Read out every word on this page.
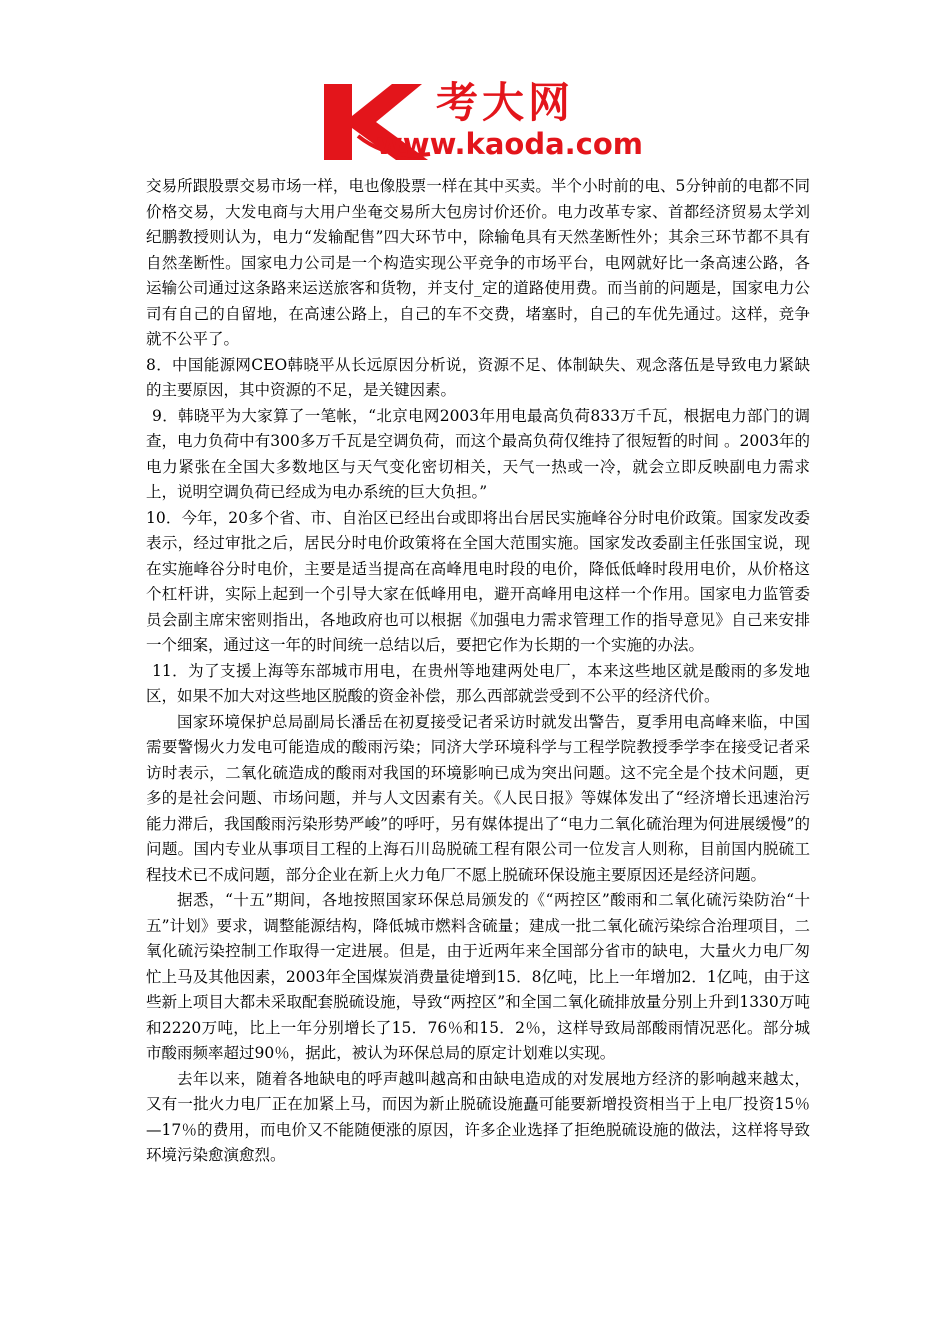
考大网
www.kaoda.com

交易所跟股票交易市场一样，电也像股票一样在其中买卖。半个小时前的电、5分钟前的电都不同价格交易，大发电商与大用户坐奄交易所大包房讨价还价。电力改革专家、首都经济贸易太学刘纪鹏教授则认为，电力“发输配售”四大环节中，除输龟具有天然垄断性外；其余三环节都不具有自然垄断性。国家电力公司是一个构造实现公平竞争的市场平台，电网就好比一条高速公路，各运输公司通过这条路来运送旅客和货物，并支付_定的道路使用费。而当前的问题是，国家电力公司有自己的自留地，在高速公路上，自己的车不交费，堵塞时，自己的车优先通过。这样，竞争就不公平了。

8．中国能源网CEO韩晓平从长远原因分析说，资源不足、体制缺失、观念落伍是导致电力紧缺的主要原因，其中资源的不足，是关键因素。

9．韩晓平为大家算了一笔帐，“北京电网2003年用电最高负荷833万千瓦，根据电力部门的调查，电力负荷中有300多万千瓦是空调负荷，而这个最高负荷仅维持了很短暂的时间 。2003年的电力紧张在全国大多数地区与天气变化密切相关，天气一热或一冷，就会立即反映副电力需求上，说明空调负荷已经成为电办系统的巨大负担。”

10．今年，20多个省、市、自治区已经出台或即将出台居民实施峰谷分时电价政策。国家发改委表示，经过审批之后，居民分时电价政策将在全国大范围实施。国家发改委副主任张国宝说，现在实施峰谷分时电价，主要是适当提高在高峰甩电时段的电价，降低低峰时段用电价，从价格这个杠杆讲，实际上起到一个引导大家在低峰用电，避开高峰用电这样一个作用。国家电力监管委员会副主席宋密则指出，各地政府也可以根据《加强电力需求管理工作的指导意见》自己来安排一个细案，通过这一年的时间统一总结以后，要把它作为长期的一个实施的办法。

11．为了支援上海等东部城市用电，在贵州等地建两处电厂，本来这些地区就是酸雨的多发地区，如果不加大对这些地区脱酸的资金补偿，那么西部就尝受到不公平的经济代价。

国家环境保护总局副局长潘岳在初夏接受记者采访时就发出警告，夏季用电高峰来临，中国需要警惕火力发电可能造成的酸雨污染；同济大学环境科学与工程学院教授季学李在接受记者采访时表示，二氧化硫造成的酸雨对我国的环境影响已成为突出问题。这不完全是个技术问题，更多的是社会问题、市场问题，并与人文因素有关。《人民日报》等媒体发出了“经济增长迅速治污能力滞后，我国酸雨污染形势严峻”的呼吁，另有媒体提出了“电力二氧化硫治理为何进展缓慢”的问题。国内专业从事项目工程的上海石川岛脱硫工程有限公司一位发言人则称，目前国内脱硫工程技术已不成问题，部分企业在新上火力龟厂不愿上脱硫环保设施主要原因还是经济问题。

据悉，“十五”期间，各地按照国家环保总局颁发的《“两控区”酸雨和二氧化硫污染防治“十五”计划》要求，调整能源结构，降低城市燃料含硫量；建成一批二氧化硫污染综合治理项目，二氧化硫污染控制工作取得一定进展。但是，由于近两年来全国部分省市的缺电，大量火力电厂匆忙上马及其他因素，2003年全国煤炭消费量徒增到15．8亿吨，比上一年增加2．1亿吨，由于这些新上项目大都未采取配套脱硫设施，导致“两控区”和全国二氧化硫排放量分别上升到1330万吨和2220万吨，比上一年分别增长了15．76％和15．2％，这样导致局部酸雨情况恶化。部分城市酸雨频率超过90％，据此，被认为环保总局的原定计划难以实现。

去年以来，随着各地缺电的呼声越叫越高和由缺电造成的对发展地方经济的影响越来越太，又有一批火力电厂正在加紧上马，而因为新止脱硫设施矗可能要新增投资相当于上电厂投资15％—17％的费用，而电价又不能随便涨的原因，许多企业选择了拒绝脱硫设施的做法，这样将导致环境污染愈演愈烈。
